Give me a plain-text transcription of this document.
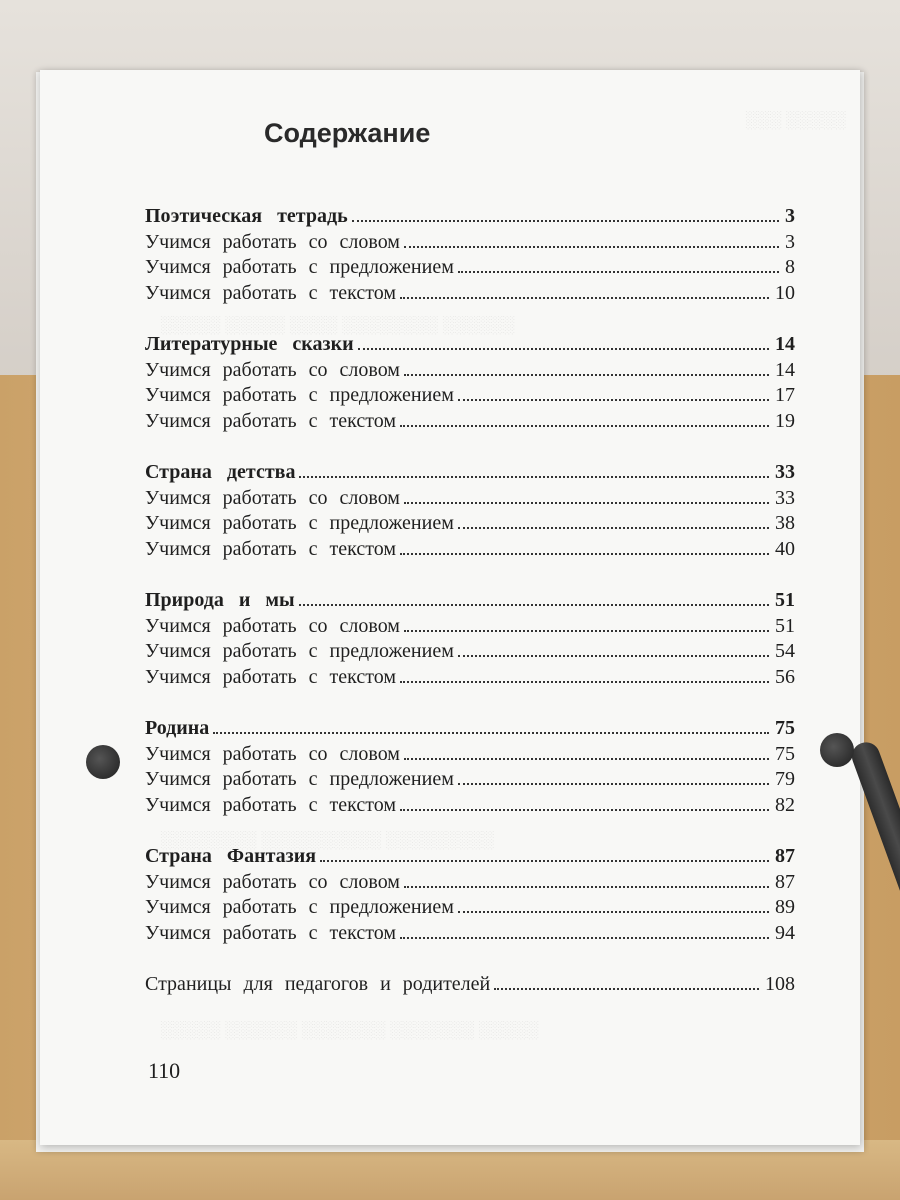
░░░ ░░░░░
░░░░░ ░░░░░ ░░░░ ░░░░░░░░ ░░░░░░
░░░░░░░░ ░░░░░░░░░░ ░░░░░░░░░
░░░░░ ░░░░░░ ░░░░░░░ ░░░░░░░ ░░░░░
Содержание
Поэтическая тетрадь	3
Учимся работать со словом	3
Учимся работать с предложением	8
Учимся работать с текстом	10
Литературные сказки	14
Учимся работать со словом	14
Учимся работать с предложением	17
Учимся работать с текстом	19
Страна детства	33
Учимся работать со словом	33
Учимся работать с предложением	38
Учимся работать с текстом	40
Природа и мы	51
Учимся работать со словом	51
Учимся работать с предложением	54
Учимся работать с текстом	56
Родина	75
Учимся работать со словом	75
Учимся работать с предложением	79
Учимся работать с текстом	82
Страна Фантазия	87
Учимся работать со словом	87
Учимся работать с предложением	89
Учимся работать с текстом	94
Страницы для педагогов и родителей	108
110
